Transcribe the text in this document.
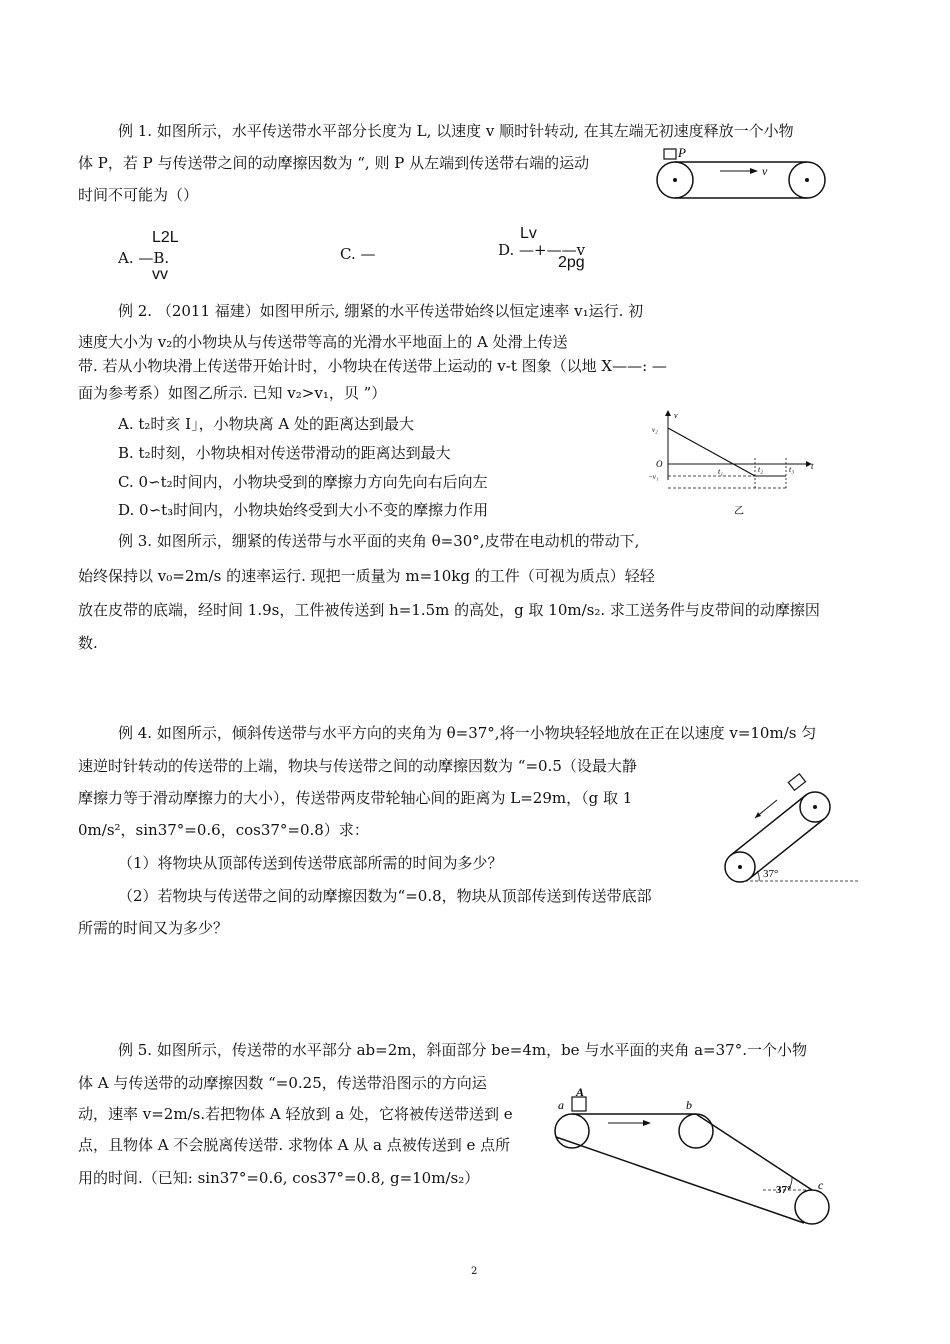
例 1. 如图所示，水平传送带水平部分长度为 L, 以速度 v 顺时针转动, 在其左端无初速度释放一个小物
体 P，若 P 与传送带之间的动摩擦因数为 “, 则 P 从左端到传送带右端的运动
时间不可能为（）
P
v
L2L
A. —B.
vv
C. —
Lv
D. —+——v
2pg
例 2. （2011 福建）如图甲所示, 绷紧的水平传送带始终以恒定速率 v₁运行. 初
速度大小为 v₂的小物块从与传送带等高的光滑水平地面上的 A 处滑上传送
带. 若从小物块滑上传送带开始计时，小物块在传送带上运动的 v-t 图象（以地 X——: —
面为参考系）如图乙所示. 已知 v₂>v₁，贝 ”）
A. t₂时亥 I」，小物块离 A 处的距离达到最大
B. t₂时刻，小物块相对传送带滑动的距离达到最大
C. 0∽t₂时间内，小物块受到的摩擦力方向先向右后向左
D. 0∽t₃时间内，小物块始终受到大小不变的摩擦力作用
v
t
O
v₂
−v₁
t₁	t₂	t₃
乙
例 3. 如图所示，绷紧的传送带与水平面的夹角 θ=30°,皮带在电动机的带动下,
始终保持以 v₀=2m/s 的速率运行. 现把一质量为 m=10kg 的工件（可视为质点）轻轻
放在皮带的底端，经时间 1.9s，工件被传送到 h=1.5m 的高处，g 取 10m/s₂. 求工送务件与皮带间的动摩擦因
数.
例 4. 如图所示，倾斜传送带与水平方向的夹角为 θ=37°,将一小物块轻轻地放在正在以速度 v=10m/s 匀
速逆时针转动的传送带的上端，物块与传送带之间的动摩擦因数为 “=0.5（设最大静
摩擦力等于滑动摩擦力的大小），传送带两皮带轮轴心间的距离为 L=29m，（g 取 1
0m/s²，sin37°=0.6，cos37°=0.8）求：
（1）将物块从顶部传送到传送带底部所需的时间为多少？
（2）若物块与传送带之间的动摩擦因数为“=0.8，物块从顶部传送到传送带底部
所需的时间又为多少？
37°
例 5. 如图所示，传送带的水平部分 ab=2m，斜面部分 be=4m，be 与水平面的夹角 a=37°.一个小物
体 A 与传送带的动摩擦因数 “=0.25，传送带沿图示的方向运
动，速率 v=2m/s.若把物体 A 轻放到 a 处，它将被传送带送到 e
点，且物体 A 不会脱离传送带. 求物体 A 从 a 点被传送到 e 点所
用的时间.（已知: sin37°=0.6, cos37°=0.8, g=10m/s₂）
A
a	b
c
37°
2
